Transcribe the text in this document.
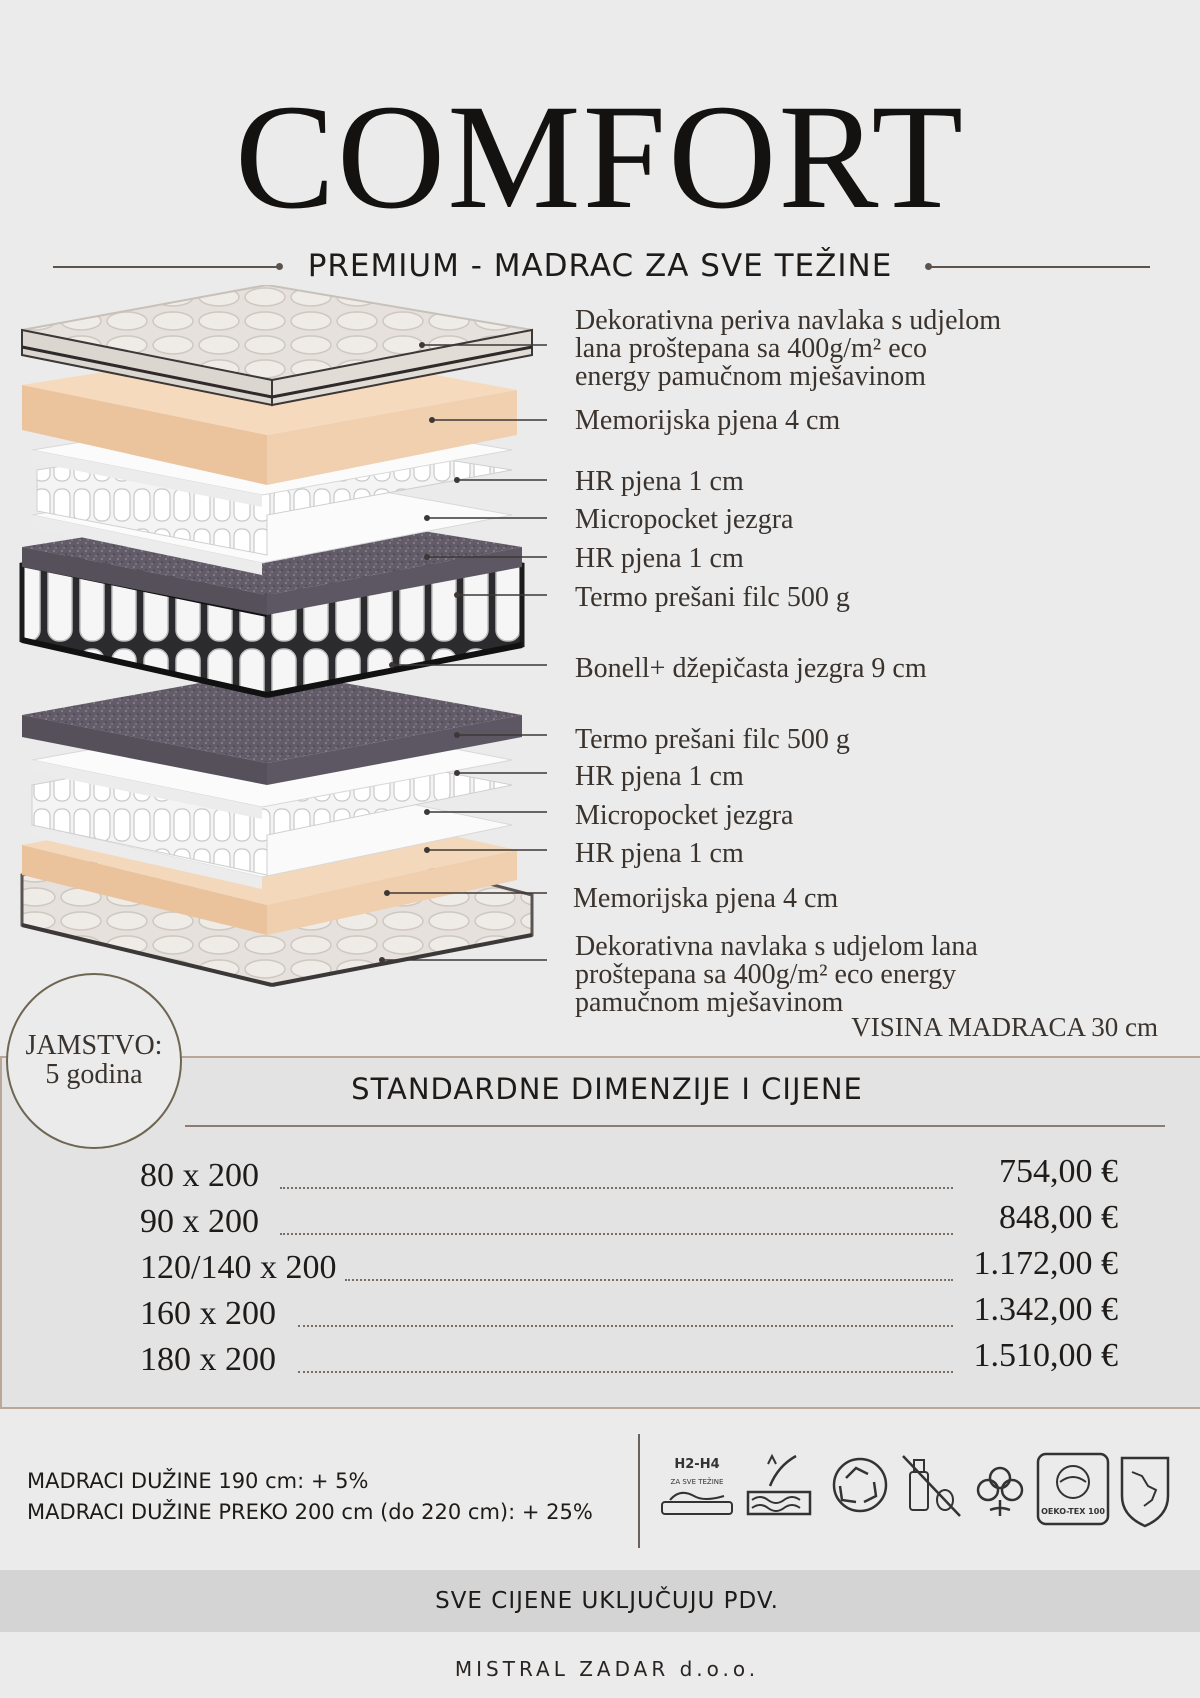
COMFORT
PREMIUM - MADRAC ZA SVE TEŽINE
Dekorativna periva navlaka s udjelom
lana proštepana sa 400g/m² eco
energy pamučnom mješavinom
Memorijska pjena 4 cm
HR pjena 1 cm
Micropocket jezgra
HR pjena 1 cm
Termo prešani filc 500 g
Bonell+ džepičasta jezgra 9 cm
Termo prešani filc 500 g
HR pjena 1 cm
Micropocket jezgra
HR pjena 1 cm
Memorijska pjena 4 cm
Dekorativna navlaka s udjelom lana
proštepana sa 400g/m² eco energy
pamučnom mješavinom
VISINA MADRACA 30 cm
STANDARDNE DIMENZIJE I CIJENE
JAMSTVO:
5 godina
80 x 200	754,00 €
90 x 200	848,00 €
120/140 x 200	1.172,00 €
160 x 200	1.342,00 €
180 x 200	1.510,00 €
MADRACI DUŽINE 190 cm: + 5%
MADRACI DUŽINE PREKO 200 cm (do 220 cm): + 25%
H2-H4
ZA SVE TEŽINE
OEKO-TEX 100
SVE CIJENE UKLJUČUJU PDV.
MISTRAL ZADAR d.o.o.
